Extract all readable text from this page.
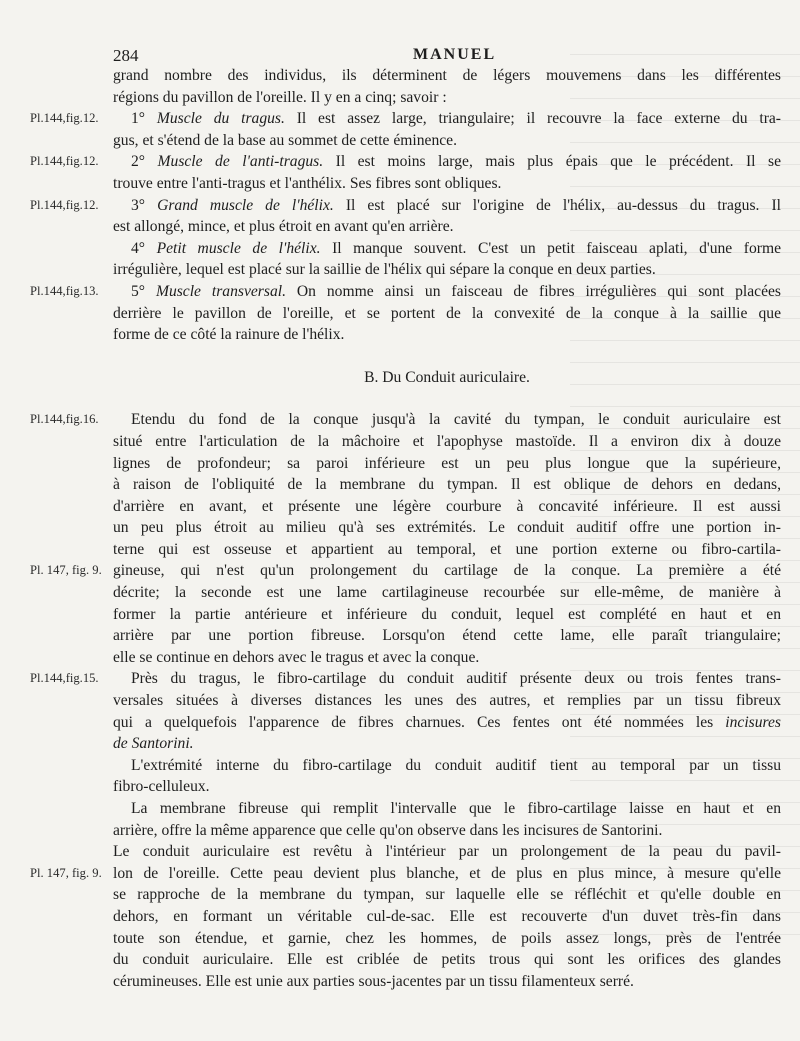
284	MANUEL
grand nombre des individus, ils déterminent de légers mouvemens dans les différentes
régions du pavillon de l'oreille. Il y en a cinq; savoir :
Pl.144,fig.12.	1° Muscle du tragus. Il est assez large, triangulaire; il recouvre la face externe du tra-
gus, et s'étend de la base au sommet de cette éminence.
Pl.144,fig.12.	2° Muscle de l'anti-tragus. Il est moins large, mais plus épais que le précédent. Il se
trouve entre l'anti-tragus et l'anthélix. Ses fibres sont obliques.
Pl.144,fig.12.	3° Grand muscle de l'hélix. Il est placé sur l'origine de l'hélix, au-dessus du tragus. Il
est allongé, mince, et plus étroit en avant qu'en arrière.
4° Petit muscle de l'hélix. Il manque souvent. C'est un petit faisceau aplati, d'une forme
irrégulière, lequel est placé sur la saillie de l'hélix qui sépare la conque en deux parties.
Pl.144,fig.13.	5° Muscle transversal. On nomme ainsi un faisceau de fibres irrégulières qui sont placées
derrière le pavillon de l'oreille, et se portent de la convexité de la conque à la saillie que
forme de ce côté la rainure de l'hélix.
B. Du Conduit auriculaire.
Pl.144,fig.16.
Pl. 147, fig. 9.
Etendu du fond de la conque jusqu'à la cavité du tympan, le conduit auriculaire est
situé entre l'articulation de la mâchoire et l'apophyse mastoïde. Il a environ dix à douze
lignes de profondeur; sa paroi inférieure est un peu plus longue que la supérieure,
à raison de l'obliquité de la membrane du tympan. Il est oblique de dehors en dedans,
d'arrière en avant, et présente une légère courbure à concavité inférieure. Il est aussi
un peu plus étroit au milieu qu'à ses extrémités. Le conduit auditif offre une portion in-
terne qui est osseuse et appartient au temporal, et une portion externe ou fibro-cartila-
gineuse, qui n'est qu'un prolongement du cartilage de la conque. La première a été
décrite; la seconde est une lame cartilagineuse recourbée sur elle-même, de manière à
former la partie antérieure et inférieure du conduit, lequel est complété en haut et en
arrière par une portion fibreuse. Lorsqu'on étend cette lame, elle paraît triangulaire;
elle se continue en dehors avec le tragus et avec la conque.
Pl.144,fig.15.	Près du tragus, le fibro-cartilage du conduit auditif présente deux ou trois fentes trans-
versales situées à diverses distances les unes des autres, et remplies par un tissu fibreux
qui a quelquefois l'apparence de fibres charnues. Ces fentes ont été nommées les incisures
de Santorini.
L'extrémité interne du fibro-cartilage du conduit auditif tient au temporal par un tissu
fibro-celluleux.
La membrane fibreuse qui remplit l'intervalle que le fibro-cartilage laisse en haut et en
arrière, offre la même apparence que celle qu'on observe dans les incisures de Santorini.
Pl. 147, fig. 9.
Le conduit auriculaire est revêtu à l'intérieur par un prolongement de la peau du pavil-
lon de l'oreille. Cette peau devient plus blanche, et de plus en plus mince, à mesure qu'elle
se rapproche de la membrane du tympan, sur laquelle elle se réfléchit et qu'elle double en
dehors, en formant un véritable cul-de-sac. Elle est recouverte d'un duvet très-fin dans
toute son étendue, et garnie, chez les hommes, de poils assez longs, près de l'entrée
du conduit auriculaire. Elle est criblée de petits trous qui sont les orifices des glandes
cérumineuses. Elle est unie aux parties sous-jacentes par un tissu filamenteux serré.
